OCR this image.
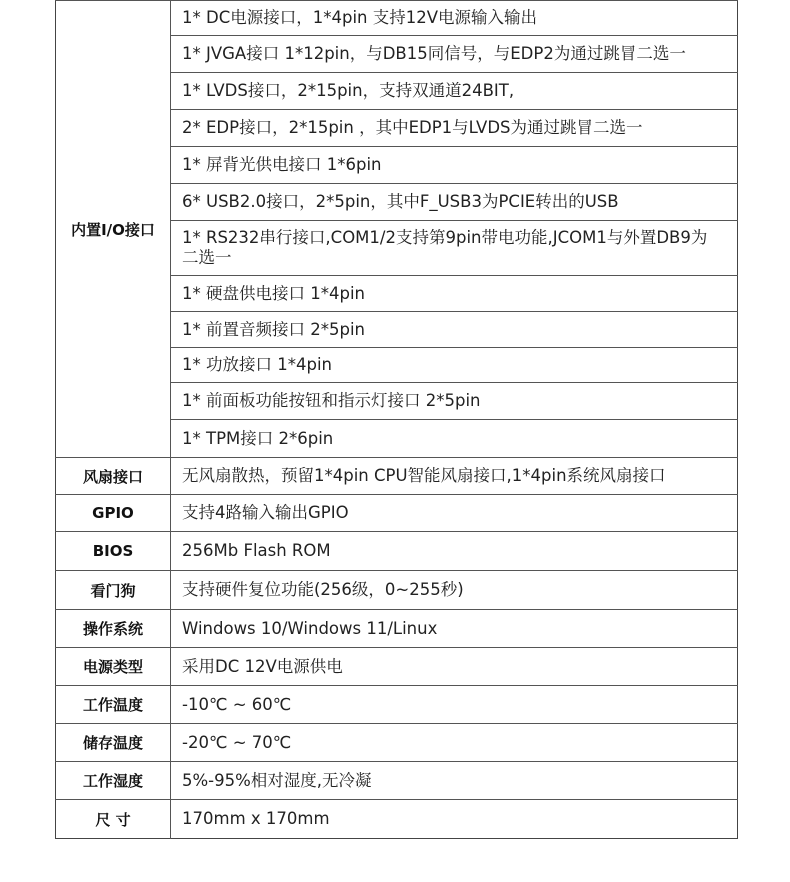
内置I/O接口	1* DC电源接口，1*4pin 支持12V电源输入输出
	1* JVGA接口 1*12pin，与DB15同信号，与EDP2为通过跳冒二选一
	1* LVDS接口，2*15pin，支持双通道24BIT,
	2* EDP接口，2*15pin ，其中EDP1与LVDS为通过跳冒二选一
	1* 屏背光供电接口 1*6pin
	6* USB2.0接口，2*5pin，其中F_USB3为PCIE转出的USB
	1* RS232串行接口,COM1/2支持第9pin带电功能,JCOM1与外置DB9为二选一
	1* 硬盘供电接口 1*4pin
	1* 前置音频接口 2*5pin
	1* 功放接口 1*4pin
	1* 前面板功能按钮和指示灯接口 2*5pin
	1* TPM接口 2*6pin
风扇接口	无风扇散热，预留1*4pin CPU智能风扇接口,1*4pin系统风扇接口
GPIO	支持4路输入输出GPIO
BIOS	256Mb Flash ROM
看门狗	支持硬件复位功能(256级，0~255秒)
操作系统	Windows 10/Windows 11/Linux
电源类型	采用DC 12V电源供电
工作温度	-10℃ ~ 60℃
储存温度	-20℃ ~ 70℃
工作湿度	5%-95%相对湿度,无冷凝
尺 寸	170mm x 170mm
